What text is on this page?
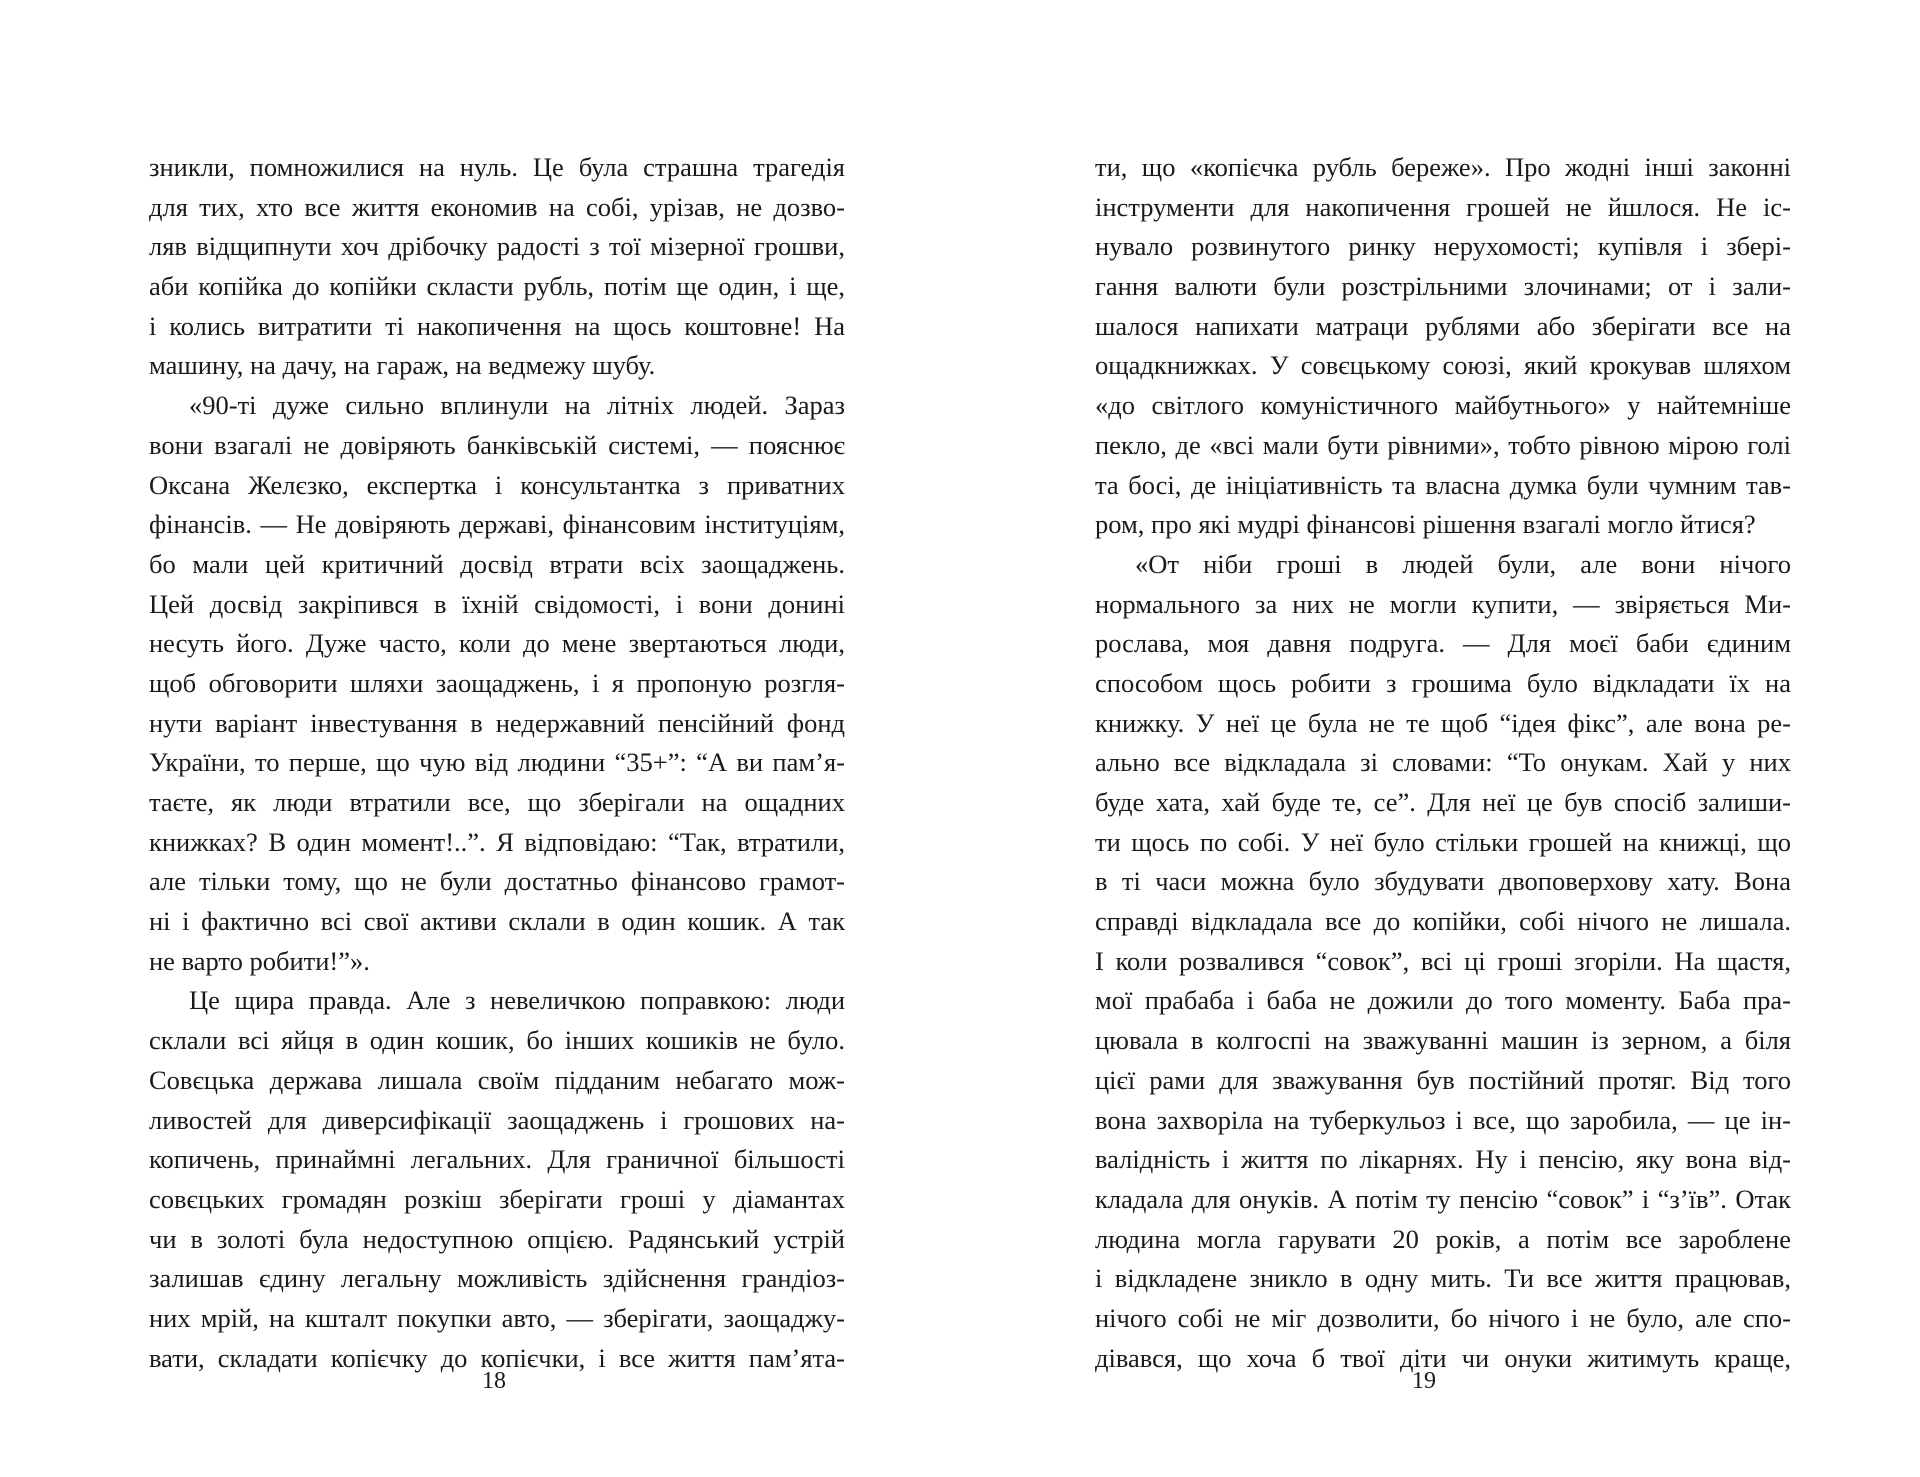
зникли, помножилися на нуль. Це була страшна трагедія
для тих, хто все життя економив на собі, урізав, не дозво-
ляв відщипнути хоч дрібочку радості з тої мізерної грошви,
аби копійка до копійки скласти рубль, потім ще один, і ще,
і колись витратити ті накопичення на щось коштовне! На
машину, на дачу, на гараж, на ведмежу шубу.
«90-ті дуже сильно вплинули на літніх людей. Зараз
вони взагалі не довіряють банківській системі, — пояснює
Оксана Желєзко, експертка і консультантка з приватних
фінансів. — Не довіряють державі, фінансовим інституціям,
бо мали цей критичний досвід втрати всіх заощаджень.
Цей досвід закріпився в їхній свідомості, і вони донині
несуть його. Дуже часто, коли до мене звертаються люди,
щоб обговорити шляхи заощаджень, і я пропоную розгля-
нути варіант інвестування в недержавний пенсійний фонд
України, то перше, що чую від людини “35+”: “А ви пам’я-
таєте, як люди втратили все, що зберігали на ощадних
книжках? В один момент!..”. Я відповідаю: “Так, втратили,
але тільки тому, що не були достатньо фінансово грамот-
ні і фактично всі свої активи склали в один кошик. А так
не варто робити!”».
Це щира правда. Але з невеличкою поправкою: люди
склали всі яйця в один кошик, бо інших кошиків не було.
Совєцька держава лишала своїм підданим небагато мож-
ливостей для диверсифікації заощаджень і грошових на-
копичень, принаймні легальних. Для граничної більшості
совєцьких громадян розкіш зберігати гроші у діамантах
чи в золоті була недоступною опцією. Радянський устрій
залишав єдину легальну можливість здійснення грандіоз-
них мрій, на кшталт покупки авто, — зберігати, заощаджу-
вати, складати копієчку до копієчки, і все життя пам’ята-
18
ти, що «копієчка рубль береже». Про жодні інші законні
інструменти для накопичення грошей не йшлося. Не іс-
нувало розвинутого ринку нерухомості; купівля і зберi-
гання валюти були розстрільними злочинами; от і зали-
шалося напихати матраци рублями або зберігати все на
ощадкнижках. У совєцькому союзі, який крокував шляхом
«до світлого комуністичного майбутнього» у найтемніше
пекло, де «всі мали бути рівними», тобто рівною мірою голі
та босі, де ініціативність та власна думка були чумним тав-
ром, про які мудрі фінансові рішення взагалі могло йтися?
«От ніби гроші в людей були, але вони нічого
нормального за них не могли купити, — звіряється Ми-
рослава, моя давня подруга. — Для моєї баби єдиним
способом щось робити з грошима було відкладати їх на
книжку. У неї це була не те щоб “ідея фікс”, але вона ре-
ально все відкладала зі словами: “То онукам. Хай у них
буде хата, хай буде те, се”. Для неї це був спосіб залиши-
ти щось по собі. У неї було стільки грошей на книжці, що
в ті часи можна було збудувати двоповерхову хату. Вона
справді відкладала все до копійки, собі нічого не лишала.
І коли розвалився “совок”, всі ці гроші згоріли. На щастя,
мої прабаба і баба не дожили до того моменту. Баба пра-
цювала в колгоспі на зважуванні машин із зерном, а біля
цієї рами для зважування був постійний протяг. Від того
вона захворіла на туберкульоз і все, що заробила, — це ін-
валідність і життя по лікарнях. Ну і пенсію, яку вона від-
кладала для онуків. А потім ту пенсію “совок” і “з’їв”. Отак
людина могла гарувати 20 років, а потім все зароблене
і відкладене зникло в одну мить. Ти все життя працював,
нічого собі не міг дозволити, бо нічого і не було, але спо-
дівався, що хоча б твої діти чи онуки житимуть краще,
19
